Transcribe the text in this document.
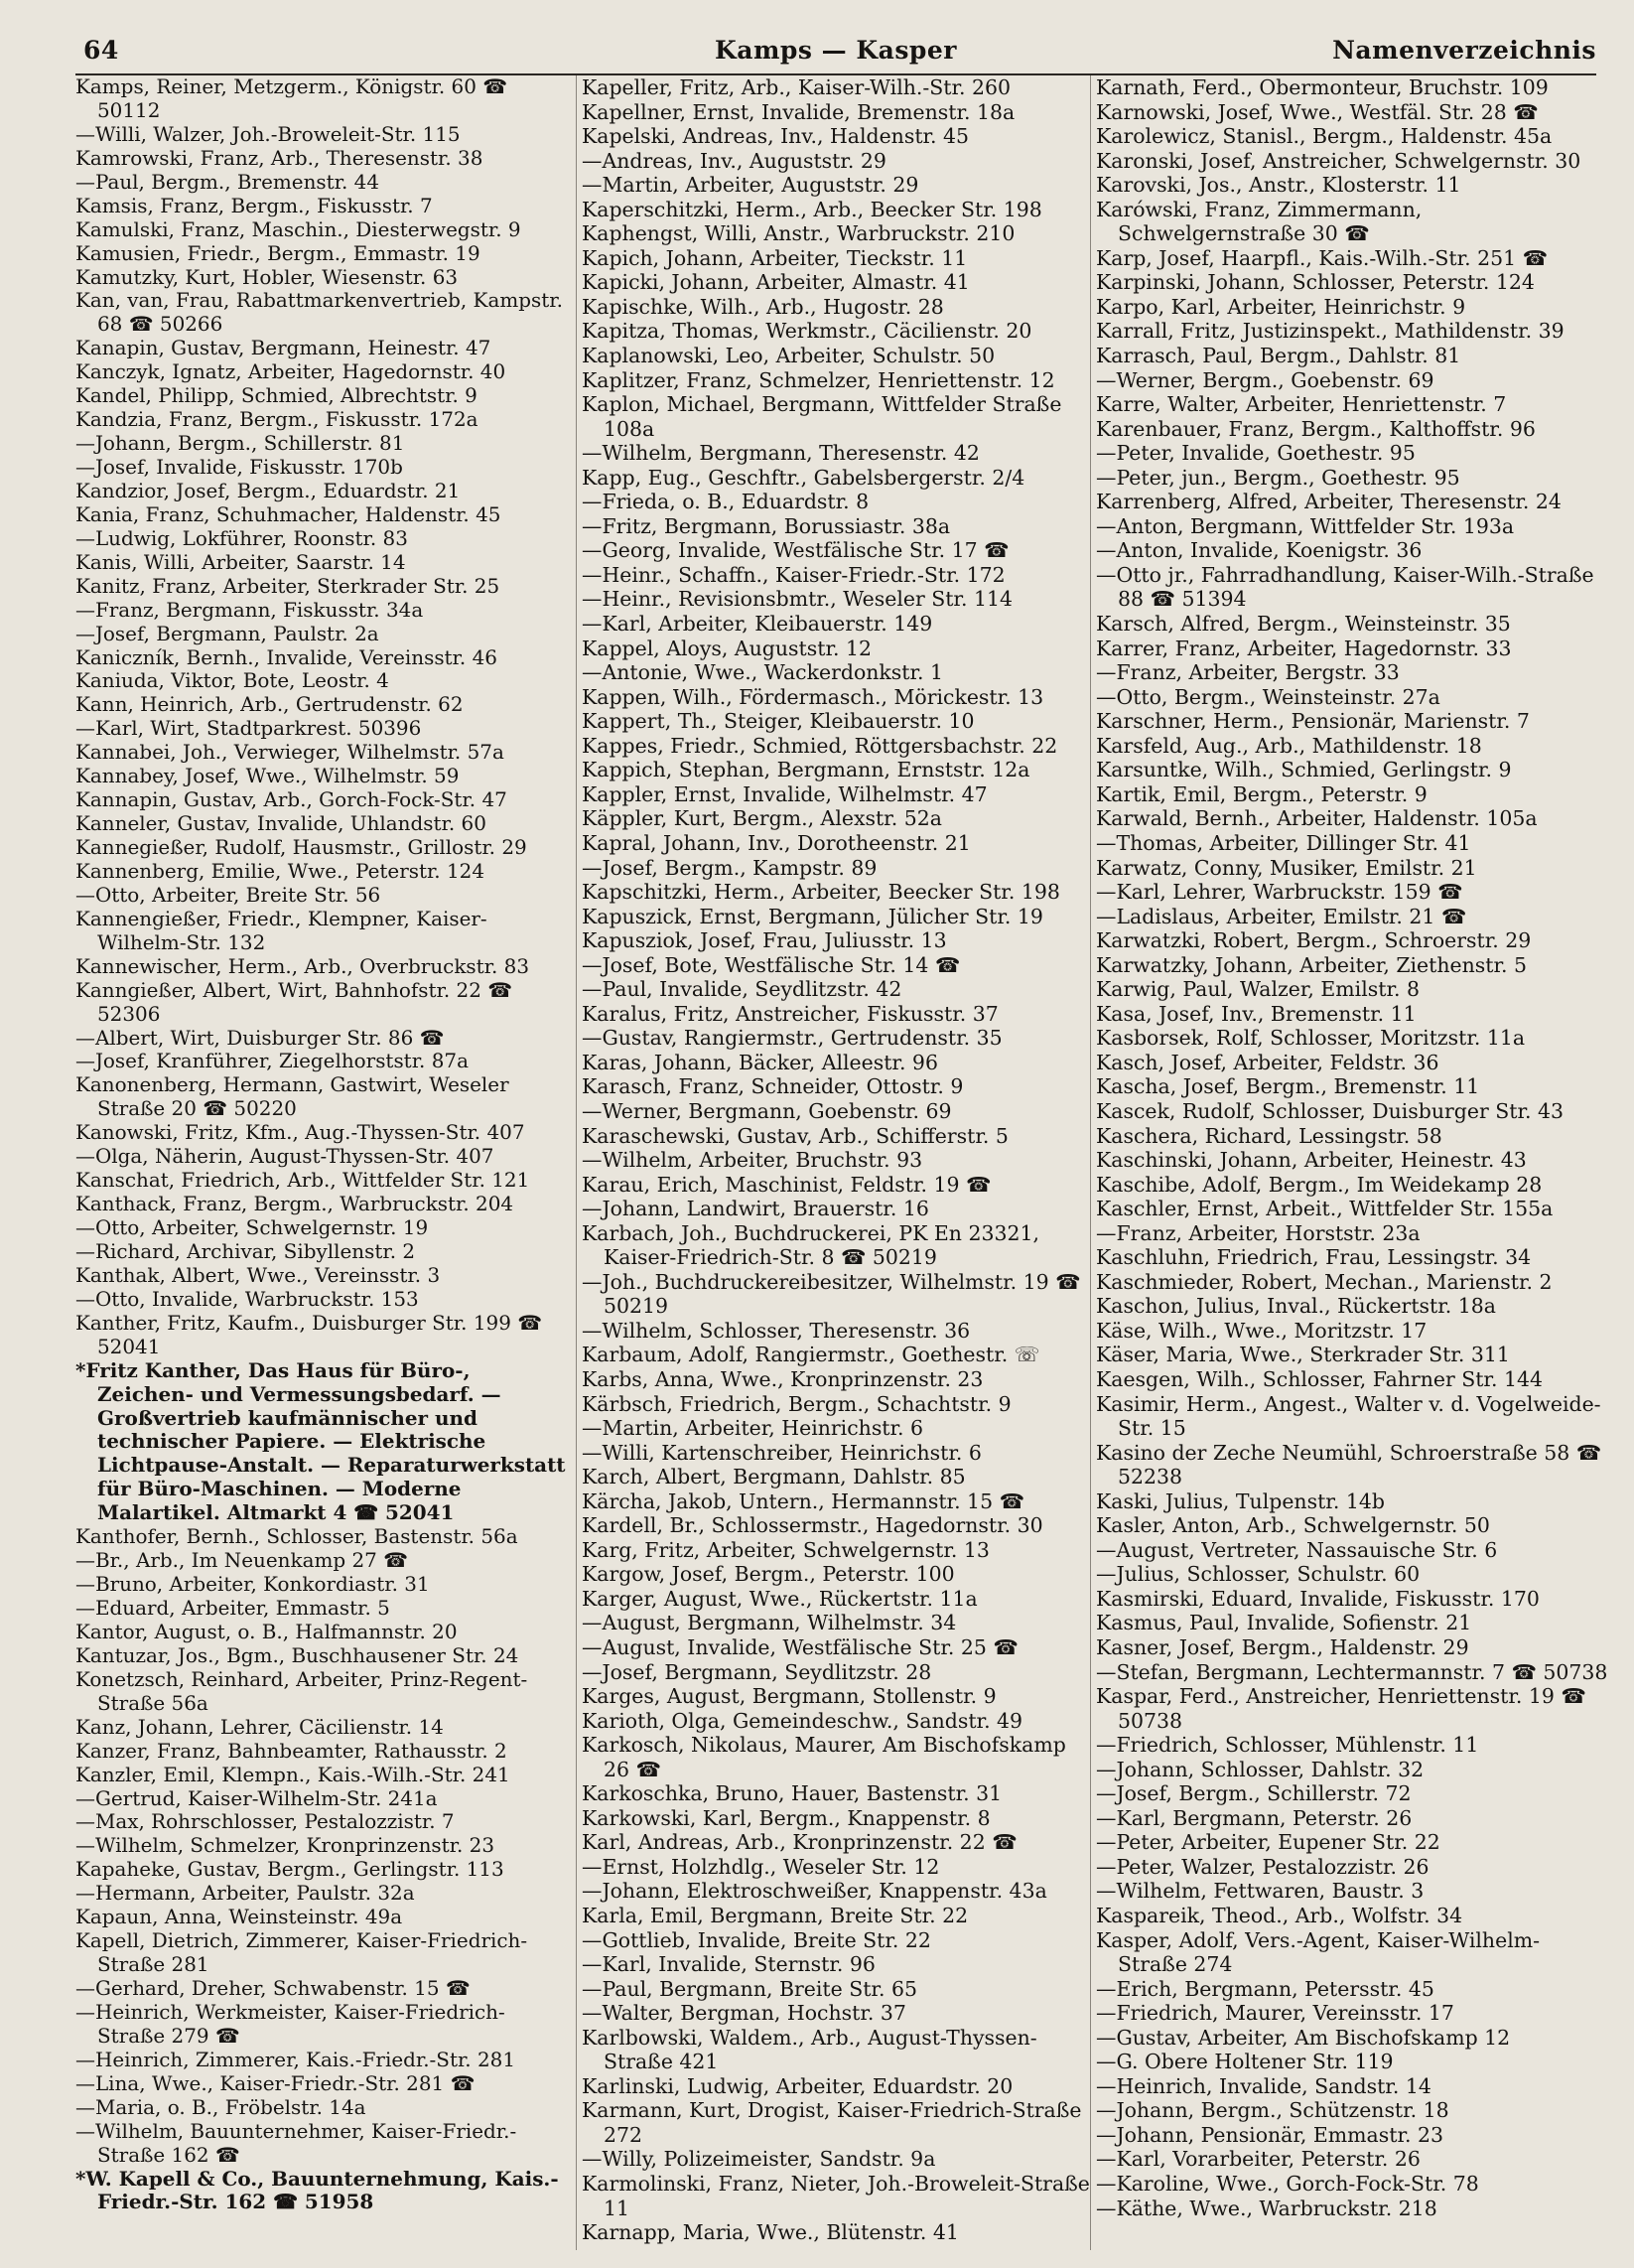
64	Kamps — Kasper	Namenverzeichnis
Kamps, Reiner, Metzgerm., Königstr. 60 ☎ 50112
—Willi, Walzer, Joh.-Broweleit-Str. 115
Kamrowski, Franz, Arb., Theresenstr. 38
—Paul, Bergm., Bremenstr. 44
Kamsis, Franz, Bergm., Fiskusstr. 7
Kamulski, Franz, Maschin., Diesterwegstr. 9
Kamusien, Friedr., Bergm., Emmastr. 19
Kamutzky, Kurt, Hobler, Wiesenstr. 63
Kan, van, Frau, Rabattmarkenvertrieb, Kampstr. 68 ☎ 50266
Kanapin, Gustav, Bergmann, Heinestr. 47
Kanczyk, Ignatz, Arbeiter, Hagedornstr. 40
Kandel, Philipp, Schmied, Albrechtstr. 9
Kandzia, Franz, Bergm., Fiskusstr. 172a
—Johann, Bergm., Schillerstr. 81
—Josef, Invalide, Fiskusstr. 170b
Kandzior, Josef, Bergm., Eduardstr. 21
Kania, Franz, Schuhmacher, Haldenstr. 45
—Ludwig, Lokführer, Roonstr. 83
Kanis, Willi, Arbeiter, Saarstr. 14
Kanitz, Franz, Arbeiter, Sterkrader Str. 25
—Franz, Bergmann, Fiskusstr. 34a
—Josef, Bergmann, Paulstr. 2a
Kaniczník, Bernh., Invalide, Vereinsstr. 46
Kaniuda, Viktor, Bote, Leostr. 4
Kann, Heinrich, Arb., Gertrudenstr. 62
—Karl, Wirt, Stadtparkrest. 50396
Kannabei, Joh., Verwieger, Wilhelmstr. 57a
Kannabey, Josef, Wwe., Wilhelmstr. 59
Kannapin, Gustav, Arb., Gorch-Fock-Str. 47
Kanneler, Gustav, Invalide, Uhlandstr. 60
Kannegießer, Rudolf, Hausmstr., Grillostr. 29
Kannenberg, Emilie, Wwe., Peterstr. 124
—Otto, Arbeiter, Breite Str. 56
Kannengießer, Friedr., Klempner, Kaiser-Wilhelm-Str. 132
Kannewischer, Herm., Arb., Overbruckstr. 83
Kanngießer, Albert, Wirt, Bahnhofstr. 22 ☎ 52306
—Albert, Wirt, Duisburger Str. 86 ☎
—Josef, Kranführer, Ziegelhorststr. 87a
Kanonenberg, Hermann, Gastwirt, Weseler Straße 20 ☎ 50220
Kanowski, Fritz, Kfm., Aug.-Thyssen-Str. 407
—Olga, Näherin, August-Thyssen-Str. 407
Kanschat, Friedrich, Arb., Wittfelder Str. 121
Kanthack, Franz, Bergm., Warbruckstr. 204
—Otto, Arbeiter, Schwelgernstr. 19
—Richard, Archivar, Sibyllenstr. 2
Kanthak, Albert, Wwe., Vereinsstr. 3
—Otto, Invalide, Warbruckstr. 153
Kanther, Fritz, Kaufm., Duisburger Str. 199 ☎ 52041
*Fritz Kanther, Das Haus für Büro-, Zeichen- und Vermessungsbedarf. — Großvertrieb kaufmännischer und technischer Papiere. — Elektrische Lichtpause-Anstalt. — Reparaturwerkstatt für Büro-Maschinen. — Moderne Malartikel. Altmarkt 4 ☎ 52041
Kanthofer, Bernh., Schlosser, Bastenstr. 56a
—Br., Arb., Im Neuenkamp 27 ☎
—Bruno, Arbeiter, Konkordiastr. 31
—Eduard, Arbeiter, Emmastr. 5
Kantor, August, o. B., Halfmannstr. 20
Kantuzar, Jos., Bgm., Buschhausener Str. 24
Konetzsch, Reinhard, Arbeiter, Prinz-Regent-Straße 56a
Kanz, Johann, Lehrer, Cäcilienstr. 14
Kanzer, Franz, Bahnbeamter, Rathausstr. 2
Kanzler, Emil, Klempn., Kais.-Wilh.-Str. 241
—Gertrud, Kaiser-Wilhelm-Str. 241a
—Max, Rohrschlosser, Pestalozzistr. 7
—Wilhelm, Schmelzer, Kronprinzenstr. 23
Kapaheke, Gustav, Bergm., Gerlingstr. 113
—Hermann, Arbeiter, Paulstr. 32a
Kapaun, Anna, Weinsteinstr. 49a
Kapell, Dietrich, Zimmerer, Kaiser-Friedrich-Straße 281
—Gerhard, Dreher, Schwabenstr. 15 ☎
—Heinrich, Werkmeister, Kaiser-Friedrich-Straße 279 ☎
—Heinrich, Zimmerer, Kais.-Friedr.-Str. 281
—Lina, Wwe., Kaiser-Friedr.-Str. 281 ☎
—Maria, o. B., Fröbelstr. 14a
—Wilhelm, Bauunternehmer, Kaiser-Friedr.-Straße 162 ☎
*W. Kapell & Co., Bauunternehmung, Kais.-Friedr.-Str. 162 ☎ 51958
Kapeller, Fritz, Arb., Kaiser-Wilh.-Str. 260
Kapellner, Ernst, Invalide, Bremenstr. 18a
Kapelski, Andreas, Inv., Haldenstr. 45
—Andreas, Inv., Auguststr. 29
—Martin, Arbeiter, Auguststr. 29
Kaperschitzki, Herm., Arb., Beecker Str. 198
Kaphengst, Willi, Anstr., Warbruckstr. 210
Kapich, Johann, Arbeiter, Tieckstr. 11
Kapicki, Johann, Arbeiter, Almastr. 41
Kapischke, Wilh., Arb., Hugostr. 28
Kapitza, Thomas, Werkmstr., Cäcilienstr. 20
Kaplanowski, Leo, Arbeiter, Schulstr. 50
Kaplitzer, Franz, Schmelzer, Henriettenstr. 12
Kaplon, Michael, Bergmann, Wittfelder Straße 108a
—Wilhelm, Bergmann, Theresenstr. 42
Kapp, Eug., Geschftr., Gabelsbergerstr. 2/4
—Frieda, o. B., Eduardstr. 8
—Fritz, Bergmann, Borussiastr. 38a
—Georg, Invalide, Westfälische Str. 17 ☎
—Heinr., Schaffn., Kaiser-Friedr.-Str. 172
—Heinr., Revisionsbmtr., Weseler Str. 114
—Karl, Arbeiter, Kleibauerstr. 149
Kappel, Aloys, Auguststr. 12
—Antonie, Wwe., Wackerdonkstr. 1
Kappen, Wilh., Fördermasch., Mörickestr. 13
Kappert, Th., Steiger, Kleibauerstr. 10
Kappes, Friedr., Schmied, Röttgersbachstr. 22
Kappich, Stephan, Bergmann, Ernststr. 12a
Kappler, Ernst, Invalide, Wilhelmstr. 47
Käppler, Kurt, Bergm., Alexstr. 52a
Kapral, Johann, Inv., Dorotheenstr. 21
—Josef, Bergm., Kampstr. 89
Kapschitzki, Herm., Arbeiter, Beecker Str. 198
Kapuszick, Ernst, Bergmann, Jülicher Str. 19
Kapusziok, Josef, Frau, Juliusstr. 13
—Josef, Bote, Westfälische Str. 14 ☎
—Paul, Invalide, Seydlitzstr. 42
Karalus, Fritz, Anstreicher, Fiskusstr. 37
—Gustav, Rangiermstr., Gertrudenstr. 35
Karas, Johann, Bäcker, Alleestr. 96
Karasch, Franz, Schneider, Ottostr. 9
—Werner, Bergmann, Goebenstr. 69
Karaschewski, Gustav, Arb., Schifferstr. 5
—Wilhelm, Arbeiter, Bruchstr. 93
Karau, Erich, Maschinist, Feldstr. 19 ☎
—Johann, Landwirt, Brauerstr. 16
Karbach, Joh., Buchdruckerei, PK En 23321, Kaiser-Friedrich-Str. 8 ☎ 50219
—Joh., Buchdruckereibesitzer, Wilhelmstr. 19 ☎ 50219
—Wilhelm, Schlosser, Theresenstr. 36
Karbaum, Adolf, Rangiermstr., Goethestr. ☏
Karbs, Anna, Wwe., Kronprinzenstr. 23
Kärbsch, Friedrich, Bergm., Schachtstr. 9
—Martin, Arbeiter, Heinrichstr. 6
—Willi, Kartenschreiber, Heinrichstr. 6
Karch, Albert, Bergmann, Dahlstr. 85
Kärcha, Jakob, Untern., Hermannstr. 15 ☎
Kardell, Br., Schlossermstr., Hagedornstr. 30
Karg, Fritz, Arbeiter, Schwelgernstr. 13
Kargow, Josef, Bergm., Peterstr. 100
Karger, August, Wwe., Rückertstr. 11a
—August, Bergmann, Wilhelmstr. 34
—August, Invalide, Westfälische Str. 25 ☎
—Josef, Bergmann, Seydlitzstr. 28
Karges, August, Bergmann, Stollenstr. 9
Karioth, Olga, Gemeindeschw., Sandstr. 49
Karkosch, Nikolaus, Maurer, Am Bischofskamp 26 ☎
Karkoschka, Bruno, Hauer, Bastenstr. 31
Karkowski, Karl, Bergm., Knappenstr. 8
Karl, Andreas, Arb., Kronprinzenstr. 22 ☎
—Ernst, Holzhdlg., Weseler Str. 12
—Johann, Elektroschweißer, Knappenstr. 43a
Karla, Emil, Bergmann, Breite Str. 22
—Gottlieb, Invalide, Breite Str. 22
—Karl, Invalide, Sternstr. 96
—Paul, Bergmann, Breite Str. 65
—Walter, Bergman, Hochstr. 37
Karlbowski, Waldem., Arb., August-Thyssen-Straße 421
Karlinski, Ludwig, Arbeiter, Eduardstr. 20
Karmann, Kurt, Drogist, Kaiser-Friedrich-Straße 272
—Willy, Polizeimeister, Sandstr. 9a
Karmolinski, Franz, Nieter, Joh.-Broweleit-Straße 11
Karnapp, Maria, Wwe., Blütenstr. 41
Karnath, Ferd., Obermonteur, Bruchstr. 109
Karnowski, Josef, Wwe., Westfäl. Str. 28 ☎
Karolewicz, Stanisl., Bergm., Haldenstr. 45a
Karonski, Josef, Anstreicher, Schwelgernstr. 30
Karovski, Jos., Anstr., Klosterstr. 11
Karówski, Franz, Zimmermann, Schwelgernstraße 30 ☎
Karp, Josef, Haarpfl., Kais.-Wilh.-Str. 251 ☎
Karpinski, Johann, Schlosser, Peterstr. 124
Karpo, Karl, Arbeiter, Heinrichstr. 9
Karrall, Fritz, Justizinspekt., Mathildenstr. 39
Karrasch, Paul, Bergm., Dahlstr. 81
—Werner, Bergm., Goebenstr. 69
Karre, Walter, Arbeiter, Henriettenstr. 7
Karenbauer, Franz, Bergm., Kalthoffstr. 96
—Peter, Invalide, Goethestr. 95
—Peter, jun., Bergm., Goethestr. 95
Karrenberg, Alfred, Arbeiter, Theresenstr. 24
—Anton, Bergmann, Wittfelder Str. 193a
—Anton, Invalide, Koenigstr. 36
—Otto jr., Fahrradhandlung, Kaiser-Wilh.-Straße 88 ☎ 51394
Karsch, Alfred, Bergm., Weinsteinstr. 35
Karrer, Franz, Arbeiter, Hagedornstr. 33
—Franz, Arbeiter, Bergstr. 33
—Otto, Bergm., Weinsteinstr. 27a
Karschner, Herm., Pensionär, Marienstr. 7
Karsfeld, Aug., Arb., Mathildenstr. 18
Karsuntke, Wilh., Schmied, Gerlingstr. 9
Kartik, Emil, Bergm., Peterstr. 9
Karwald, Bernh., Arbeiter, Haldenstr. 105a
—Thomas, Arbeiter, Dillinger Str. 41
Karwatz, Conny, Musiker, Emilstr. 21
—Karl, Lehrer, Warbruckstr. 159 ☎
—Ladislaus, Arbeiter, Emilstr. 21 ☎
Karwatzki, Robert, Bergm., Schroerstr. 29
Karwatzky, Johann, Arbeiter, Ziethenstr. 5
Karwig, Paul, Walzer, Emilstr. 8
Kasa, Josef, Inv., Bremenstr. 11
Kasborsek, Rolf, Schlosser, Moritzstr. 11a
Kasch, Josef, Arbeiter, Feldstr. 36
Kascha, Josef, Bergm., Bremenstr. 11
Kascek, Rudolf, Schlosser, Duisburger Str. 43
Kaschera, Richard, Lessingstr. 58
Kaschinski, Johann, Arbeiter, Heinestr. 43
Kaschibe, Adolf, Bergm., Im Weidekamp 28
Kaschler, Ernst, Arbeit., Wittfelder Str. 155a
—Franz, Arbeiter, Horststr. 23a
Kaschluhn, Friedrich, Frau, Lessingstr. 34
Kaschmieder, Robert, Mechan., Marienstr. 2
Kaschon, Julius, Inval., Rückertstr. 18a
Käse, Wilh., Wwe., Moritzstr. 17
Käser, Maria, Wwe., Sterkrader Str. 311
Kaesgen, Wilh., Schlosser, Fahrner Str. 144
Kasimir, Herm., Angest., Walter v. d. Vogelweide-Str. 15
Kasino der Zeche Neumühl, Schroerstraße 58 ☎ 52238
Kaski, Julius, Tulpenstr. 14b
Kasler, Anton, Arb., Schwelgernstr. 50
—August, Vertreter, Nassauische Str. 6
—Julius, Schlosser, Schulstr. 60
Kasmirski, Eduard, Invalide, Fiskusstr. 170
Kasmus, Paul, Invalide, Sofienstr. 21
Kasner, Josef, Bergm., Haldenstr. 29
—Stefan, Bergmann, Lechtermannstr. 7 ☎ 50738
Kaspar, Ferd., Anstreicher, Henriettenstr. 19 ☎ 50738
—Friedrich, Schlosser, Mühlenstr. 11
—Johann, Schlosser, Dahlstr. 32
—Josef, Bergm., Schillerstr. 72
—Karl, Bergmann, Peterstr. 26
—Peter, Arbeiter, Eupener Str. 22
—Peter, Walzer, Pestalozzistr. 26
—Wilhelm, Fettwaren, Baustr. 3
Kaspareik, Theod., Arb., Wolfstr. 34
Kasper, Adolf, Vers.-Agent, Kaiser-Wilhelm-Straße 274
—Erich, Bergmann, Petersstr. 45
—Friedrich, Maurer, Vereinsstr. 17
—Gustav, Arbeiter, Am Bischofskamp 12
—G. Obere Holtener Str. 119
—Heinrich, Invalide, Sandstr. 14
—Johann, Bergm., Schützenstr. 18
—Johann, Pensionär, Emmastr. 23
—Karl, Vorarbeiter, Peterstr. 26
—Karoline, Wwe., Gorch-Fock-Str. 78
—Käthe, Wwe., Warbruckstr. 218
